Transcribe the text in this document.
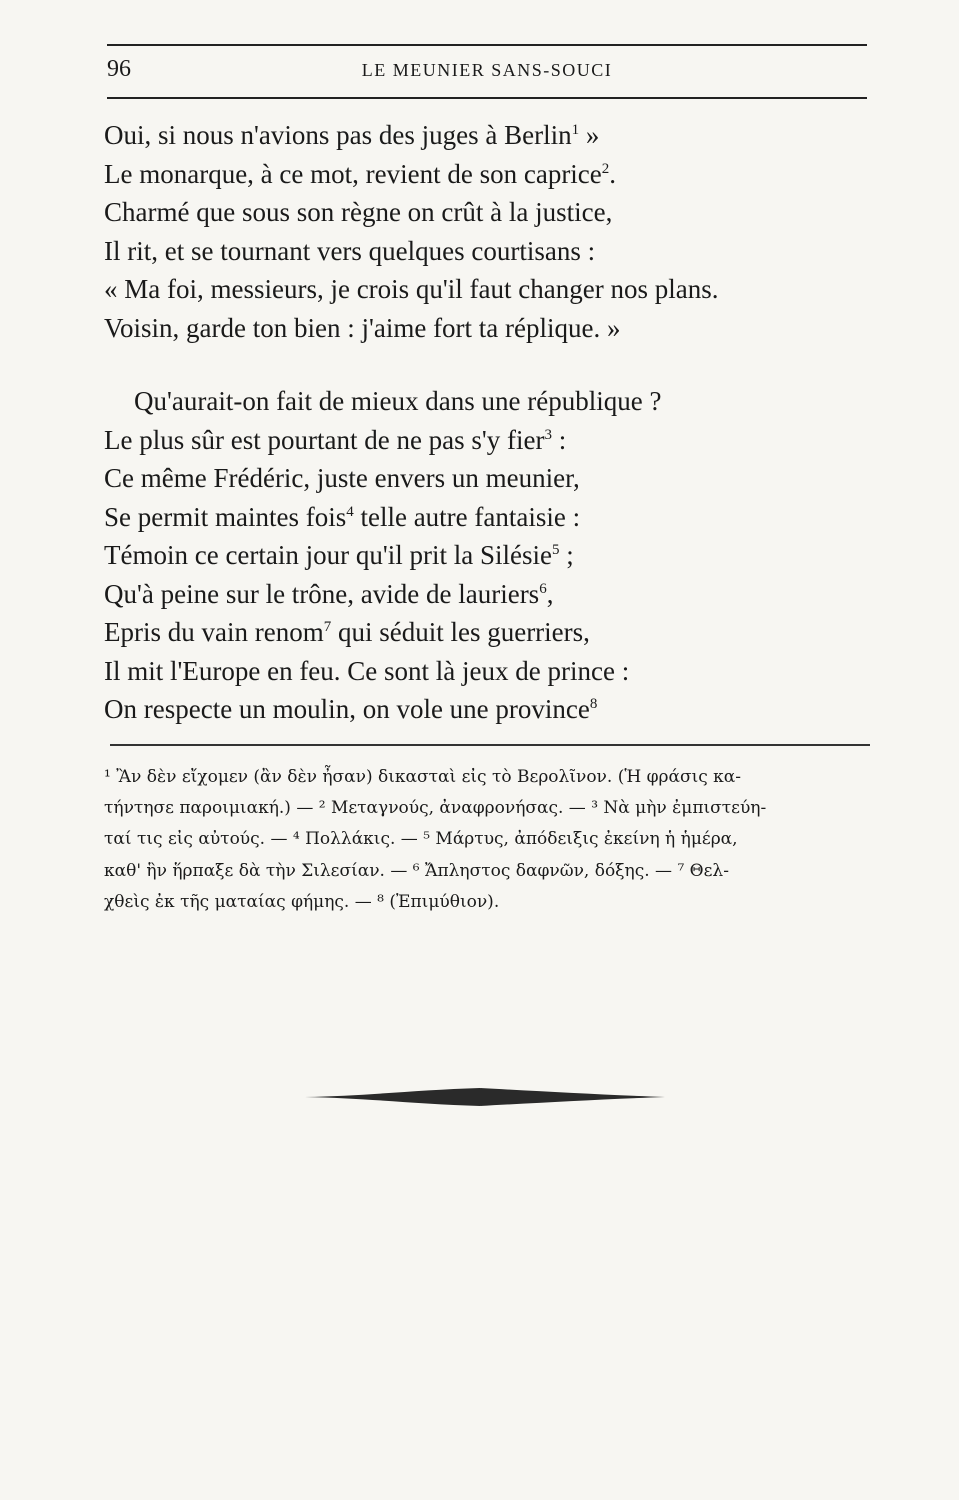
96	LE MEUNIER SANS-SOUCI
Oui, si nous n'avions pas des juges à Berlin$^1$ »
Le monarque, à ce mot, revient de son caprice$^2$.
Charmé que sous son règne on crût à la justice,
Il rit, et se tournant vers quelques courtisans :
« Ma foi, messieurs, je crois qu'il faut changer nos plans.
Voisin, garde ton bien : j'aime fort ta réplique. »
Qu'aurait-on fait de mieux dans une république ?
Le plus sûr est pourtant de ne pas s'y fier$^3$ :
Ce même Frédéric, juste envers un meunier,
Se permit maintes fois$^4$ telle autre fantaisie :
Témoin ce certain jour qu'il prit la Silésie$^5$ ;
Qu'à peine sur le trône, avide de lauriers$^6$,
Epris du vain renom$^7$ qui séduit les guerriers,
Il mit l'Europe en feu. Ce sont là jeux de prince :
On respecte un moulin, on vole une province$^8$
¹ Ἂν δὲν εἴχομεν (ἂν δὲν ἦσαν) δικασταὶ εἰς τὸ Βερολῖνον. (Ἡ φράσις κα-
τήντησε παροιμιακή.) — ² Μεταγνούς, ἀναφρονήσας. — ³ Νὰ μὴν ἐμπιστεύη-
ταί τις εἰς αὐτούς. — ⁴ Πολλάκις. — ⁵ Μάρτυς, ἀπόδειξις ἐκείνη ἡ ἡμέρα,
καθ' ἣν ἥρπαξε δὰ τὴν Σιλεσίαν. — ⁶ Ἄπληστος δαφνῶν, δόξης. — ⁷ Θελ-
χθεὶς ἐκ τῆς ματαίας φήμης. — ⁸ (Ἐπιμύθιον).
